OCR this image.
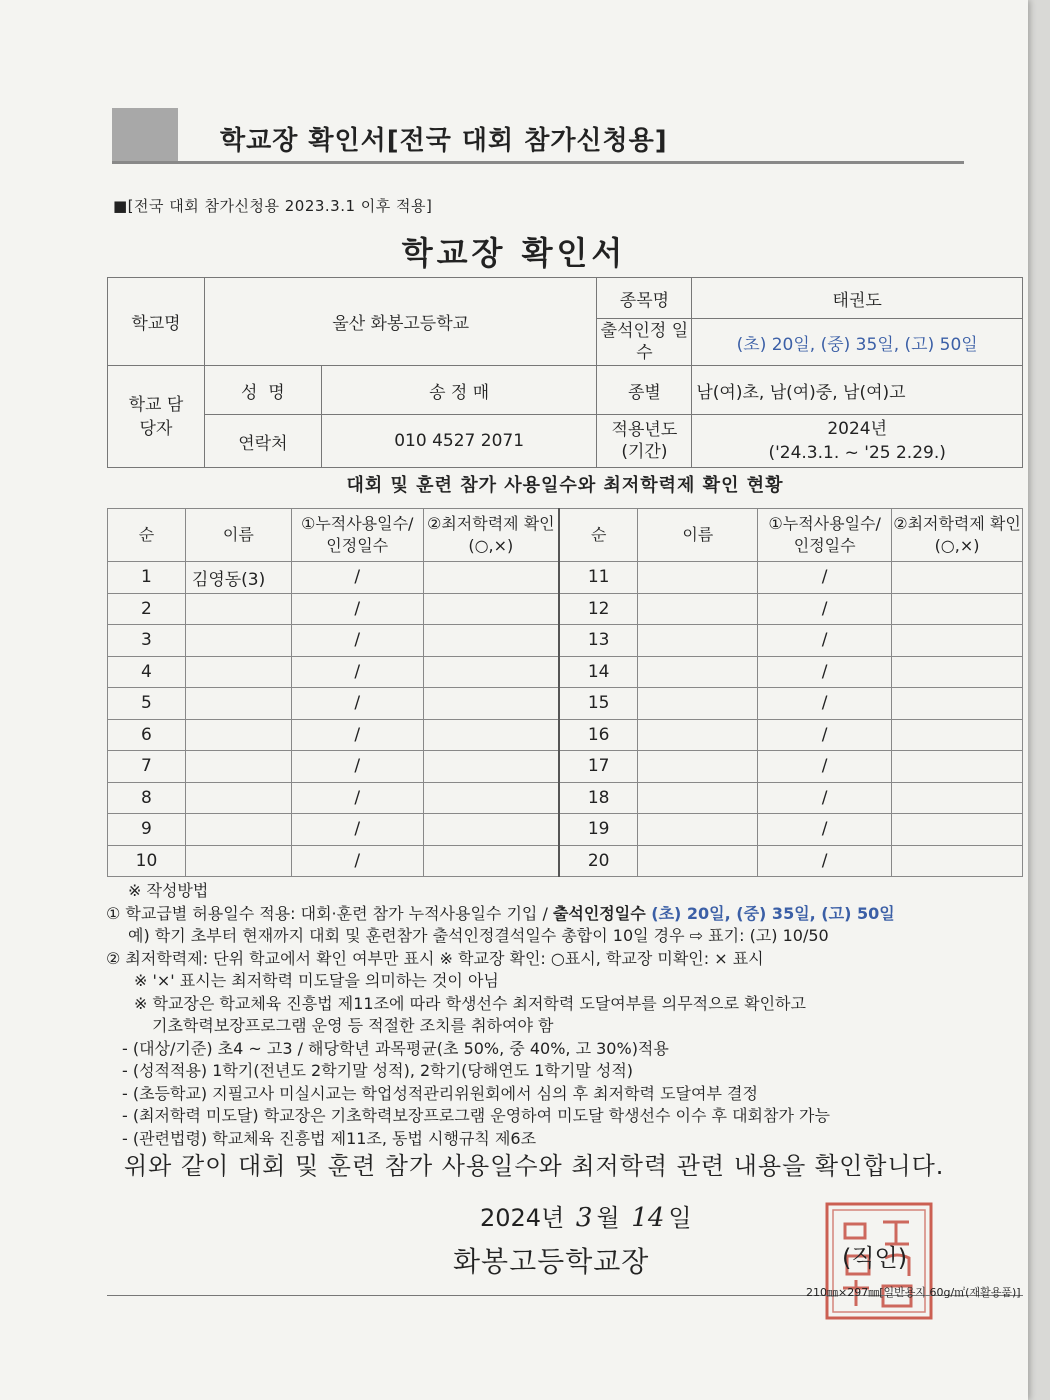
학교장 확인서[전국 대회 참가신청용]
■[전국 대회 참가신청용 2023.3.1 이후 적용]
학교장 확인서
학교명	울산 화봉고등학교		종목명	태권도
			출석인정 일수	(초) 20일, (중) 35일, (고) 50일
학교 담당자	성  명	송 정 매	종별	남(여)초, 남(여)중, 남(여)고
	연락처	010 4527 2071	적용년도 (기간)	2024년
('24.3.1. ~ '25 2.29.)
대회 및 훈련 참가 사용일수와 최저학력제 확인 현황
순	이름	①누적사용일수/ 인정일수	②최저학력제 확인(○,×)	순	이름	①누적사용일수/ 인정일수	②최저학력제 확인(○,×)
1	김영동(3)	/		11		/	
2		/		12		/	
3		/		13		/	
4		/		14		/	
5		/		15		/	
6		/		16		/	
7		/		17		/	
8		/		18		/	
9		/		19		/	
10		/		20		/	
※ 작성방법
① 학교급별 허용일수 적용: 대회·훈련 참가 누적사용일수 기입 / 출석인정일수 (초) 20일, (중) 35일, (고) 50일
예) 학기 초부터 현재까지 대회 및 훈련참가 출석인정결석일수 총합이 10일 경우 ⇨ 표기: (고) 10/50
② 최저학력제: 단위 학교에서 확인 여부만 표시 ※ 학교장 확인: ○표시, 학교장 미확인: × 표시
※ '×' 표시는 최저학력 미도달을 의미하는 것이 아님
※ 학교장은 학교체육 진흥법 제11조에 따라 학생선수 최저학력 도달여부를 의무적으로 확인하고
기초학력보장프로그램 운영 등 적절한 조치를 취하여야 함
- (대상/기준) 초4 ~ 고3 / 해당학년 과목평균(초 50%, 중 40%, 고 30%)적용
- (성적적용) 1학기(전년도 2학기말 성적), 2학기(당해연도 1학기말 성적)
- (초등학교) 지필고사 미실시교는 학업성적관리위원회에서 심의 후 최저학력 도달여부 결정
- (최저학력 미도달) 학교장은 기초학력보장프로그램 운영하여 미도달 학생선수 이수 후 대회참가 가능
- (관련법령) 학교체육 진흥법 제11조, 동법 시행규칙 제6조
위와 같이 대회 및 훈련 참가 사용일수와 최저학력 관련 내용을 확인합니다.
2024년 3 월 14 일
화봉고등학교장	(직인)
210㎜×297㎜[일반용지 60g/㎡(재활용품)]
